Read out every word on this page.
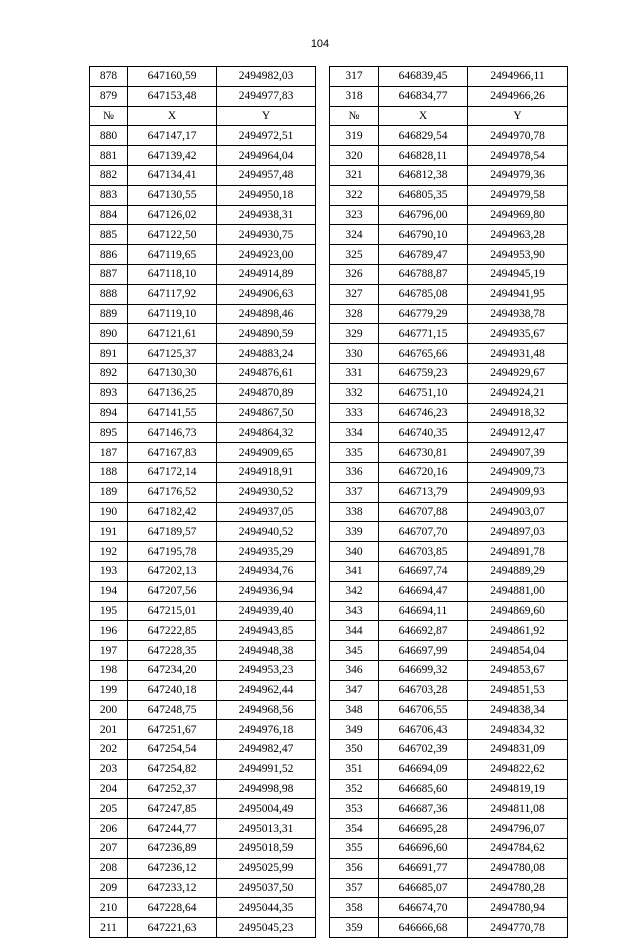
104
878	647160,59	2494982,03		317	646839,45	2494966,11
879	647153,48	2494977,83		318	646834,77	2494966,26
№	X	Y		№	X	Y
880	647147,17	2494972,51		319	646829,54	2494970,78
881	647139,42	2494964,04		320	646828,11	2494978,54
882	647134,41	2494957,48		321	646812,38	2494979,36
883	647130,55	2494950,18		322	646805,35	2494979,58
884	647126,02	2494938,31		323	646796,00	2494969,80
885	647122,50	2494930,75		324	646790,10	2494963,28
886	647119,65	2494923,00		325	646789,47	2494953,90
887	647118,10	2494914,89		326	646788,87	2494945,19
888	647117,92	2494906,63		327	646785,08	2494941,95
889	647119,10	2494898,46		328	646779,29	2494938,78
890	647121,61	2494890,59		329	646771,15	2494935,67
891	647125,37	2494883,24		330	646765,66	2494931,48
892	647130,30	2494876,61		331	646759,23	2494929,67
893	647136,25	2494870,89		332	646751,10	2494924,21
894	647141,55	2494867,50		333	646746,23	2494918,32
895	647146,73	2494864,32		334	646740,35	2494912,47
187	647167,83	2494909,65		335	646730,81	2494907,39
188	647172,14	2494918,91		336	646720,16	2494909,73
189	647176,52	2494930,52		337	646713,79	2494909,93
190	647182,42	2494937,05		338	646707,88	2494903,07
191	647189,57	2494940,52		339	646707,70	2494897,03
192	647195,78	2494935,29		340	646703,85	2494891,78
193	647202,13	2494934,76		341	646697,74	2494889,29
194	647207,56	2494936,94		342	646694,47	2494881,00
195	647215,01	2494939,40		343	646694,11	2494869,60
196	647222,85	2494943,85		344	646692,87	2494861,92
197	647228,35	2494948,38		345	646697,99	2494854,04
198	647234,20	2494953,23		346	646699,32	2494853,67
199	647240,18	2494962,44		347	646703,28	2494851,53
200	647248,75	2494968,56		348	646706,55	2494838,34
201	647251,67	2494976,18		349	646706,43	2494834,32
202	647254,54	2494982,47		350	646702,39	2494831,09
203	647254,82	2494991,52		351	646694,09	2494822,62
204	647252,37	2494998,98		352	646685,60	2494819,19
205	647247,85	2495004,49		353	646687,36	2494811,08
206	647244,77	2495013,31		354	646695,28	2494796,07
207	647236,89	2495018,59		355	646696,60	2494784,62
208	647236,12	2495025,99		356	646691,77	2494780,08
209	647233,12	2495037,50		357	646685,07	2494780,28
210	647228,64	2495044,35		358	646674,70	2494780,94
211	647221,63	2495045,23		359	646666,68	2494770,78
